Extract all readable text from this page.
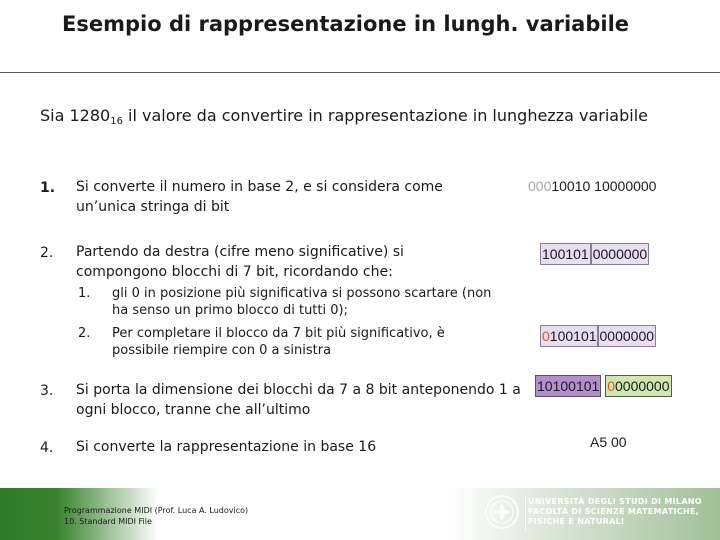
Esempio di rappresentazione in lungh. variabile
Sia $1280_{16}$ il valore da convertire in rappresentazione in lunghezza variabile
1. Si converte il numero in base 2, e si considera come un’unica stringa di bit
2. Partendo da destra (cifre meno significative) si compongono blocchi di 7 bit, ricordando che:
1. gli 0 in posizione più significativa si possono scartare (non ha senso un primo blocco di tutti 0);
2. Per completare il blocco da 7 bit più significativo, è possibile riempire con 0 a sinistra
3. Si porta la dimensione dei blocchi da 7 a 8 bit anteponendo 1 a ogni blocco, tranne che all’ultimo
4. Si converte la rappresentazione in base 16
00010010 10000000
100101 0000000
0100101 0000000
10100101 00000000
A5 00
Programmazione MIDI (Prof. Luca A. Ludovico)
10. Standard MIDI File
UNIVERSITÀ DEGLI STUDI DI MILANO
FACOLTÀ DI SCIENZE MATEMATICHE,
FISICHE E NATURALI
